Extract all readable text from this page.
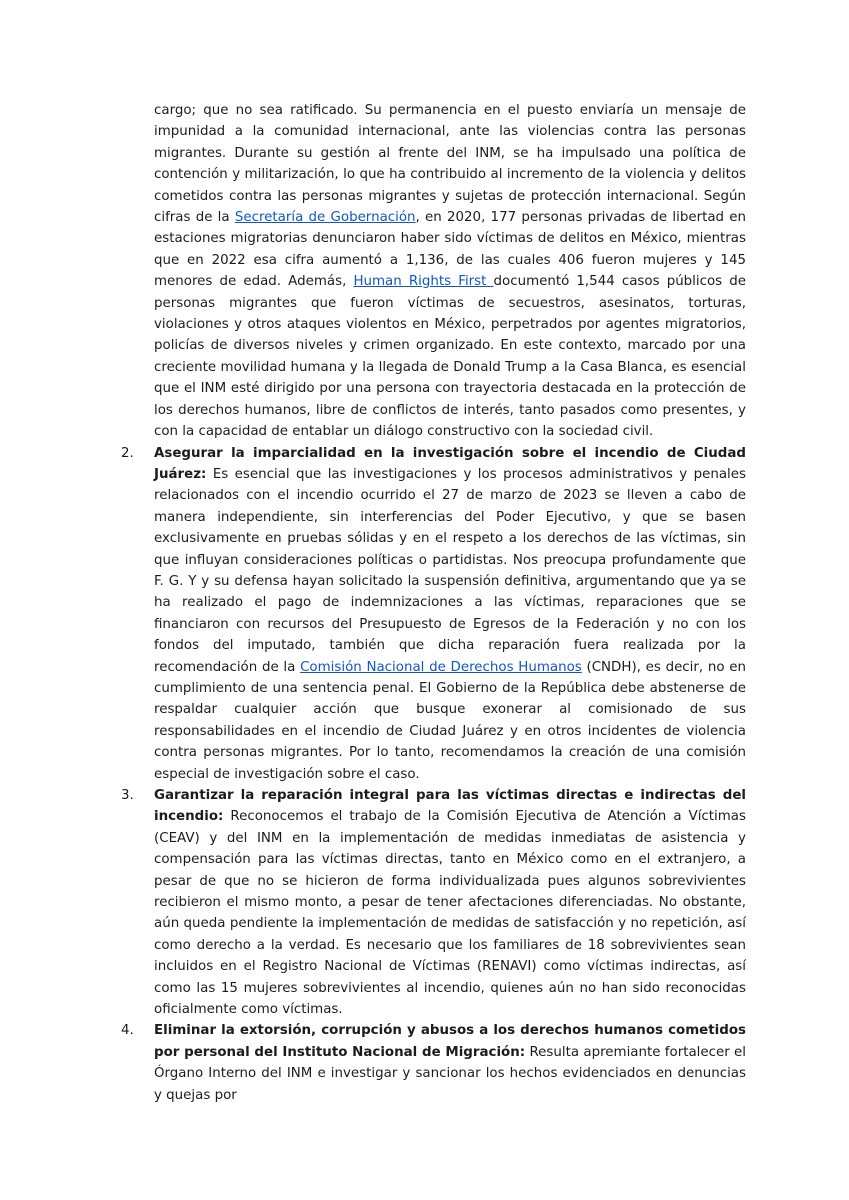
cargo; que no sea ratificado. Su permanencia en el puesto enviaría un mensaje de impunidad a la comunidad internacional, ante las violencias contra las personas migrantes. Durante su gestión al frente del INM, se ha impulsado una política de contención y militarización, lo que ha contribuido al incremento de la violencia y delitos cometidos contra las personas migrantes y sujetas de protección internacional. Según cifras de la Secretaría de Gobernación, en 2020, 177 personas privadas de libertad en estaciones migratorias denunciaron haber sido víctimas de delitos en México, mientras que en 2022 esa cifra aumentó a 1,136, de las cuales 406 fueron mujeres y 145 menores de edad. Además, Human Rights First documentó 1,544 casos públicos de personas migrantes que fueron víctimas de secuestros, asesinatos, torturas, violaciones y otros ataques violentos en México, perpetrados por agentes migratorios, policías de diversos niveles y crimen organizado. En este contexto, marcado por una creciente movilidad humana y la llegada de Donald Trump a la Casa Blanca, es esencial que el INM esté dirigido por una persona con trayectoria destacada en la protección de los derechos humanos, libre de conflictos de interés, tanto pasados como presentes, y con la capacidad de entablar un diálogo constructivo con la sociedad civil.

2. Asegurar la imparcialidad en la investigación sobre el incendio de Ciudad Juárez: Es esencial que las investigaciones y los procesos administrativos y penales relacionados con el incendio ocurrido el 27 de marzo de 2023 se lleven a cabo de manera independiente, sin interferencias del Poder Ejecutivo, y que se basen exclusivamente en pruebas sólidas y en el respeto a los derechos de las víctimas, sin que influyan consideraciones políticas o partidistas. Nos preocupa profundamente que F. G. Y y su defensa hayan solicitado la suspensión definitiva, argumentando que ya se ha realizado el pago de indemnizaciones a las víctimas, reparaciones que se financiaron con recursos del Presupuesto de Egresos de la Federación y no con los fondos del imputado, también que dicha reparación fuera realizada por la recomendación de la Comisión Nacional de Derechos Humanos (CNDH), es decir, no en cumplimiento de una sentencia penal. El Gobierno de la República debe abstenerse de respaldar cualquier acción que busque exonerar al comisionado de sus responsabilidades en el incendio de Ciudad Juárez y en otros incidentes de violencia contra personas migrantes. Por lo tanto, recomendamos la creación de una comisión especial de investigación sobre el caso.

3. Garantizar la reparación integral para las víctimas directas e indirectas del incendio: Reconocemos el trabajo de la Comisión Ejecutiva de Atención a Víctimas (CEAV) y del INM en la implementación de medidas inmediatas de asistencia y compensación para las víctimas directas, tanto en México como en el extranjero, a pesar de que no se hicieron de forma individualizada pues algunos sobrevivientes recibieron el mismo monto, a pesar de tener afectaciones diferenciadas. No obstante, aún queda pendiente la implementación de medidas de satisfacción y no repetición, así como derecho a la verdad. Es necesario que los familiares de 18 sobrevivientes sean incluidos en el Registro Nacional de Víctimas (RENAVI) como víctimas indirectas, así como las 15 mujeres sobrevivientes al incendio, quienes aún no han sido reconocidas oficialmente como víctimas.

4. Eliminar la extorsión, corrupción y abusos a los derechos humanos cometidos por personal del Instituto Nacional de Migración: Resulta apremiante fortalecer el Órgano Interno del INM e investigar y sancionar los hechos evidenciados en denuncias y quejas por
